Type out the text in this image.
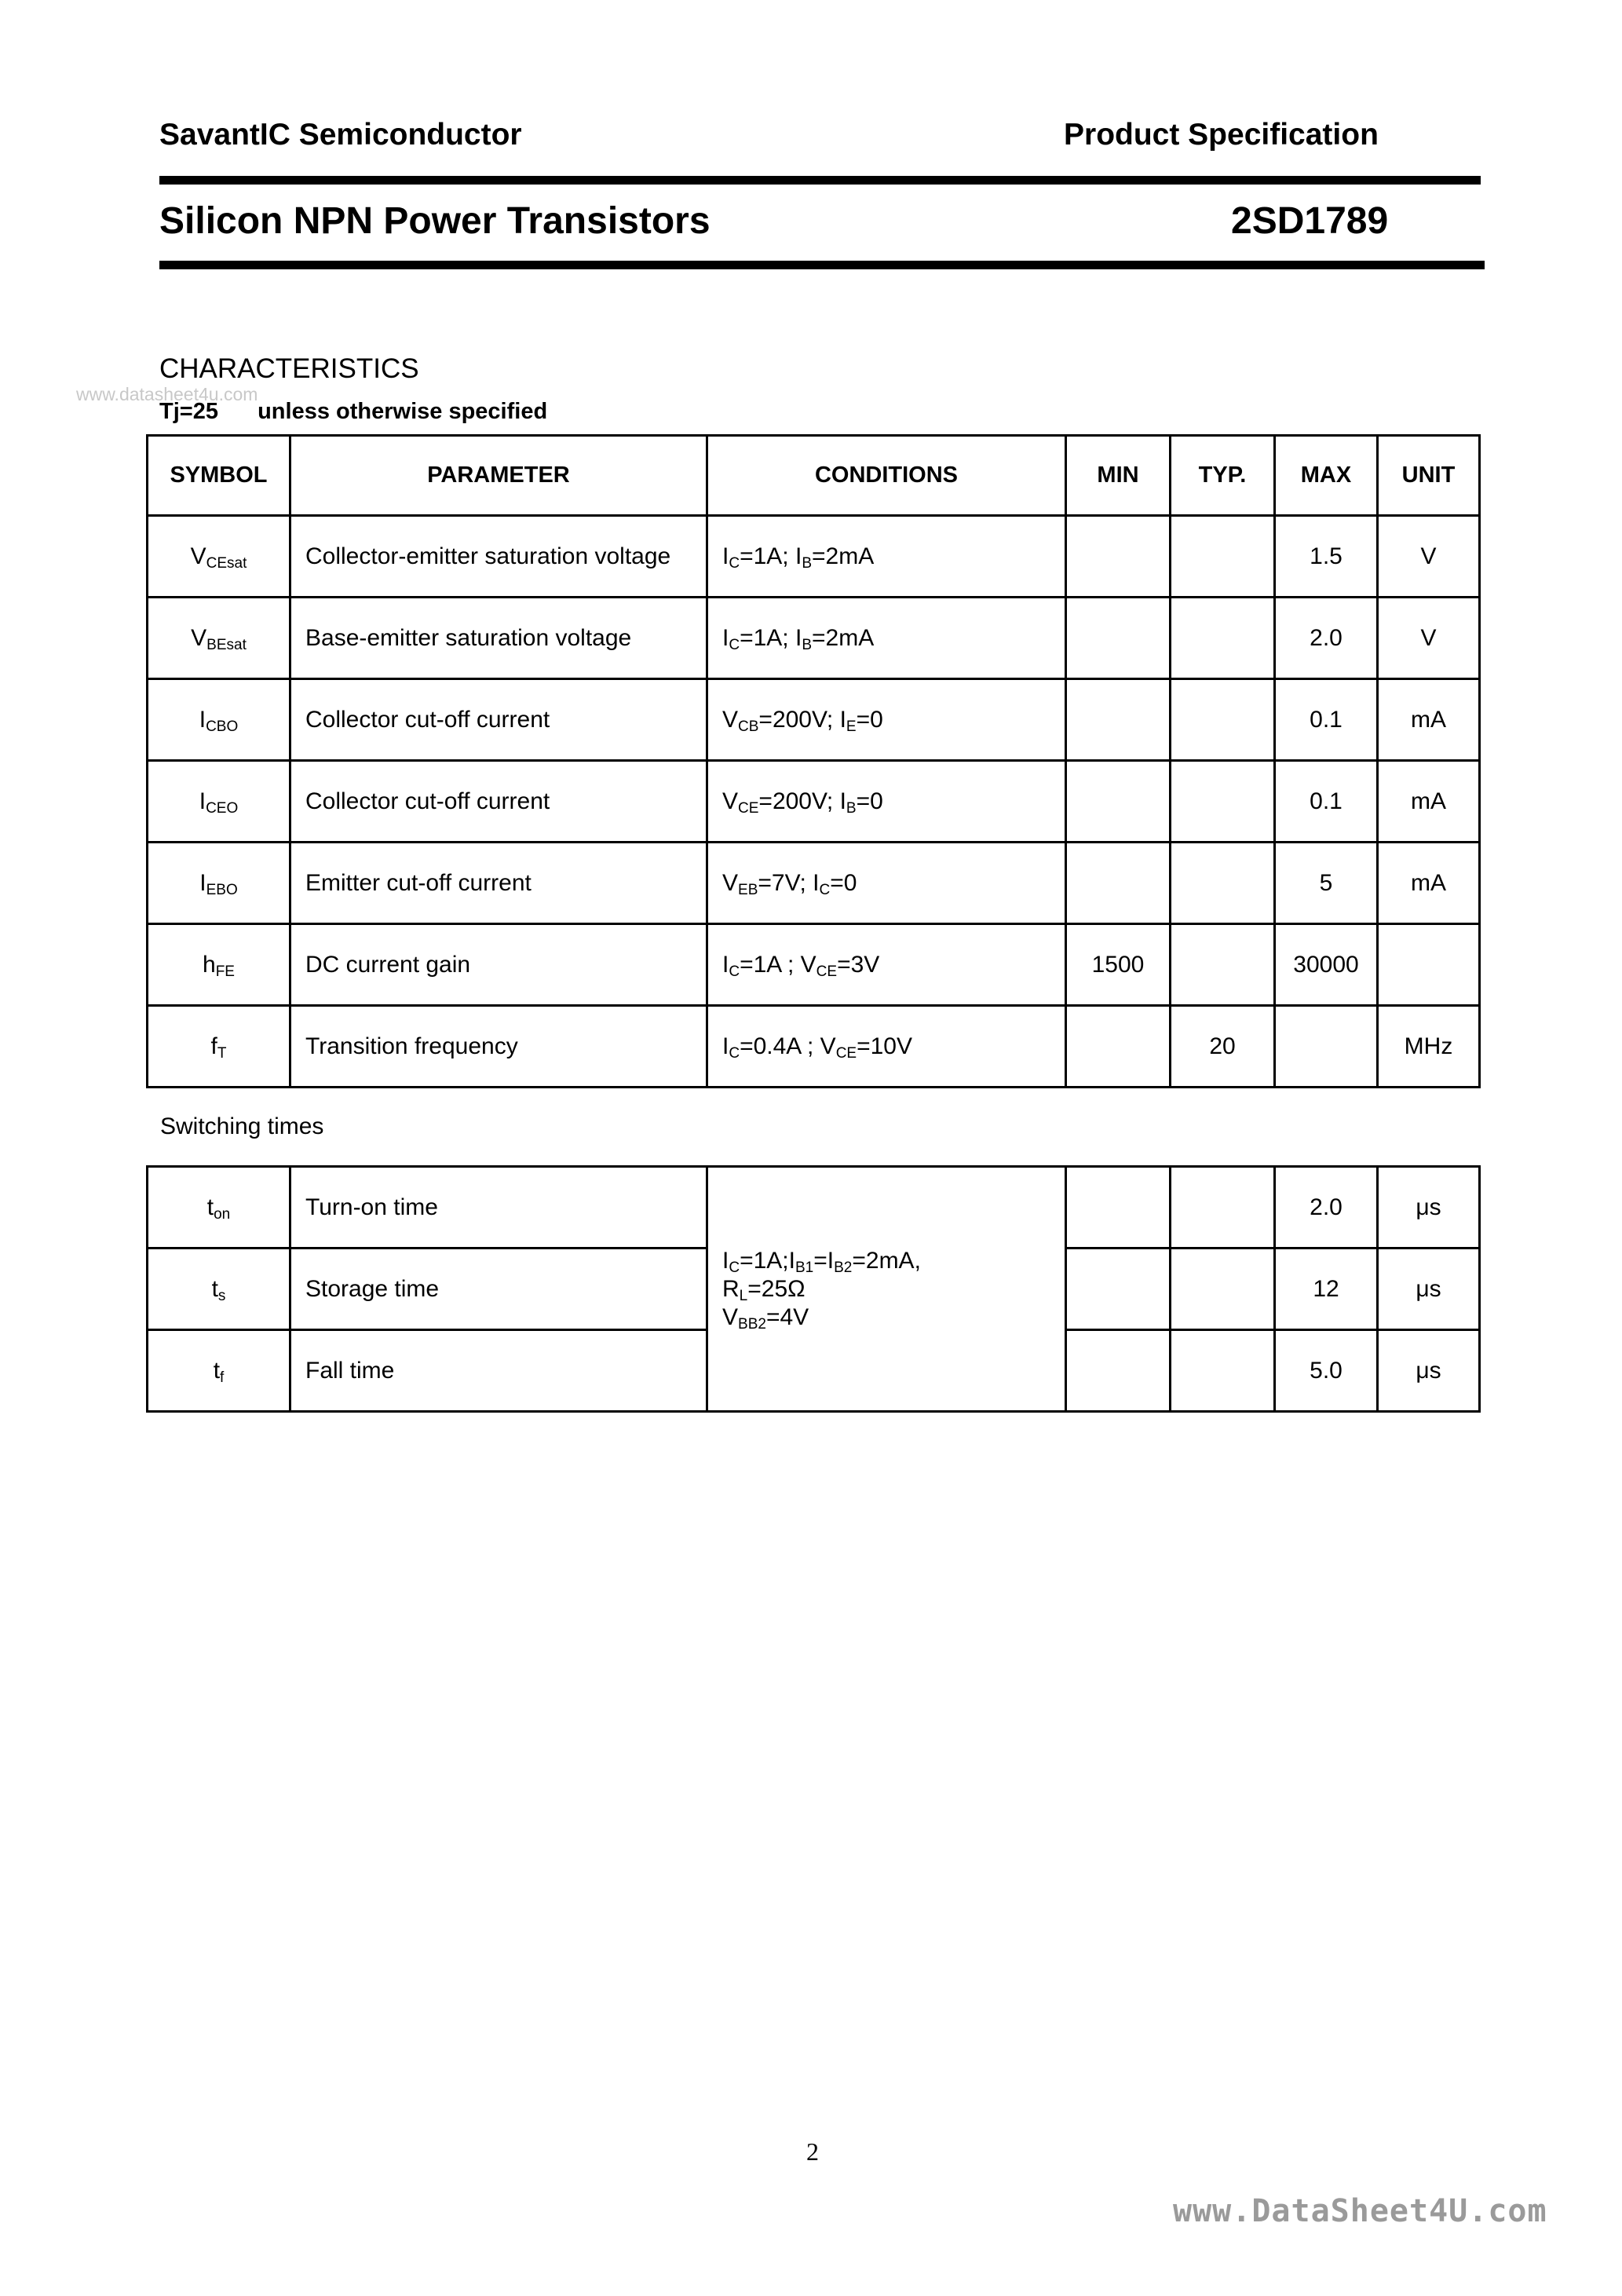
SavantIC Semiconductor	Product Specification
Silicon NPN Power Transistors	2SD1789
www.datasheet4u.com
CHARACTERISTICS
Tj=25 unless otherwise specified
SYMBOL	PARAMETER	CONDITIONS	MIN	TYP.	MAX	UNIT
$V_{CEsat}$	Collector-emitter saturation voltage	$I_C=1A$; $I_B=2mA$			1.5	V
$V_{BEsat}$	Base-emitter saturation voltage	$I_C=1A$; $I_B=2mA$			2.0	V
$I_{CBO}$	Collector cut-off current	$V_{CB}=200V$; $I_E=0$			0.1	mA
$I_{CEO}$	Collector cut-off current	$V_{CE}=200V$; $I_B=0$			0.1	mA
$I_{EBO}$	Emitter cut-off current	$V_{EB}=7V$; $I_C=0$			5	mA
$h_{FE}$	DC current gain	$I_C=1A$ ; $V_{CE}=3V$	1500		30000	
$f_T$	Transition frequency	$I_C=0.4A$ ; $V_{CE}=10V$		20		MHz
Switching times
$t_{on}$	Turn-on time	$I_C=1A;I_{B1}=I_{B2}=2mA$,
$R_L=25\Omega$
$V_{BB2}=4V$			2.0	μs
$t_s$	Storage time				12	μs
$t_f$	Fall time				5.0	μs
2
www.DataSheet4U.com
